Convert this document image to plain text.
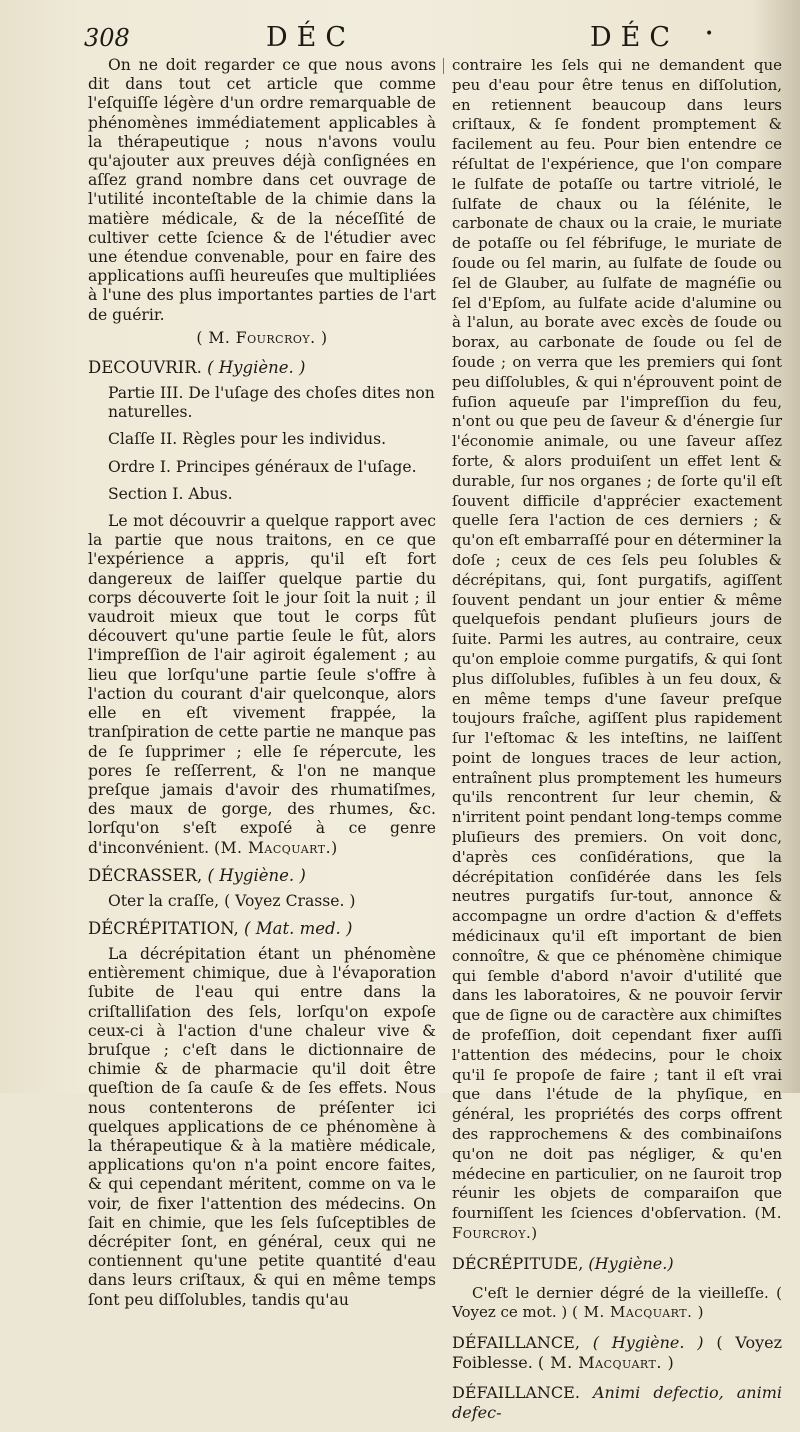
308	DÉC	DÉC •

On ne doit regarder ce que nous avons dit dans tout cet article que comme l'eſquiſſe légère d'un ordre remarquable de phénomènes immédiatement applicables à la thérapeutique ; nous n'avons voulu qu'ajouter aux preuves déjà conſignées en aſſez grand nombre dans cet ouvrage de l'utilité inconteſtable de la chimie dans la matière médicale, & de la néceſſité de cultiver cette ſcience & de l'étudier avec une étendue convenable, pour en faire des applications auſſi heureuſes que multipliées à l'une des plus importantes parties de l'art de guérir.

( M. Fourcroy. )

DECOUVRIR. ( Hygiène. )

Partie III. De l'uſage des choſes dites non naturelles.

Claſſe II. Règles pour les individus.

Ordre I. Principes généraux de l'uſage.

Section I. Abus.

Le mot découvrir a quelque rapport avec la partie que nous traitons, en ce que l'expérience a appris, qu'il eſt fort dangereux de laiſſer quelque partie du corps découverte ſoit le jour ſoit la nuit ; il vaudroit mieux que tout le corps fût découvert qu'une partie ſeule le fût, alors l'impreſſion de l'air agiroit également ; au lieu que lorſqu'une partie ſeule s'offre à l'action du courant d'air quelconque, alors elle en eſt vivement frappée, la tranſpiration de cette partie ne manque pas de ſe ſupprimer ; elle ſe répercute, les pores ſe reſſerrent, & l'on ne manque preſque jamais d'avoir des rhumatiſmes, des maux de gorge, des rhumes, &c. lorſqu'on s'eſt expoſé à ce genre d'inconvénient. (M. Macquart.)

DÉCRASSER, ( Hygiène. )

Oter la craſſe, ( Voyez Crasse. )

DÉCRÉPITATION, ( Mat. med. )

La décrépitation étant un phénomène entièrement chimique, due à l'évaporation ſubite de l'eau qui entre dans la criſtalliſation des ſels, lorſqu'on expoſe ceux-ci à l'action d'une chaleur vive & bruſque ; c'eſt dans le dictionnaire de chimie & de pharmacie qu'il doit être queſtion de ſa cauſe & de ſes effets. Nous nous contenterons de préſenter ici quelques applications de ce phénomène à la thérapeutique & à la matière médicale, applications qu'on n'a point encore faites, & qui cependant méritent, comme on va le voir, de fixer l'attention des médecins. On ſait en chimie, que les ſels ſuſceptibles de décrépiter ſont, en général, ceux qui ne contiennent qu'une petite quantité d'eau dans leurs criſtaux, & qui en même temps ſont peu diſſolubles, tandis qu'au

contraire les ſels qui ne demandent que peu d'eau pour être tenus en diſſolution, en retiennent beaucoup dans leurs criſtaux, & ſe fondent promptement & facilement au feu. Pour bien entendre ce réſultat de l'expérience, que l'on compare le ſulfate de potaſſe ou tartre vitriolé, le ſulfate de chaux ou la ſélénite, le carbonate de chaux ou la craie, le muriate de potaſſe ou ſel fébrifuge, le muriate de ſoude ou ſel marin, au ſulfate de ſoude ou ſel de Glauber, au ſulfate de magnéſie ou ſel d'Epſom, au ſulfate acide d'alumine ou à l'alun, au borate avec excès de ſoude ou borax, au carbonate de ſoude ou ſel de ſoude ; on verra que les premiers qui ſont peu diſſolubles, & qui n'éprouvent point de fuſion aqueuſe par l'impreſſion du feu, n'ont ou que peu de ſaveur & d'énergie ſur l'économie animale, ou une ſaveur aſſez forte, & alors produiſent un effet lent & durable, ſur nos organes ; de ſorte qu'il eſt ſouvent difficile d'apprécier exactement quelle ſera l'action de ces derniers ; & qu'on eſt embarraſſé pour en déterminer la doſe ; ceux de ces ſels peu ſolubles & décrépitans, qui, ſont purgatifs, agiſſent ſouvent pendant un jour entier & même quelquefois pendant pluſieurs jours de ſuite. Parmi les autres, au contraire, ceux qu'on emploie comme purgatifs, & qui ſont plus diſſolubles, fuſibles à un feu doux, & en même temps d'une ſaveur preſque toujours fraîche, agiſſent plus rapidement ſur l'eſtomac & les inteſtins, ne laiſſent point de longues traces de leur action, entraînent plus promptement les humeurs qu'ils rencontrent ſur leur chemin, & n'irritent point pendant long-temps comme pluſieurs des premiers. On voit donc, d'après ces conſidérations, que la décrépitation conſidérée dans les ſels neutres purgatifs ſur-tout, annonce & accompagne un ordre d'action & d'effets médicinaux qu'il eſt important de bien connoître, & que ce phénomène chimique qui ſemble d'abord n'avoir d'utilité que dans les laboratoires, & ne pouvoir ſervir que de ſigne ou de caractère aux chimiſtes de profeſſion, doit cependant fixer auſſi l'attention des médecins, pour le choix qu'il ſe propoſe de faire ; tant il eſt vrai que dans l'étude de la phyſique, en général, les propriétés des corps offrent des rapprochemens & des combinaiſons qu'on ne doit pas négliger, & qu'en médecine en particulier, on ne ſauroit trop réunir les objets de comparaiſon que fourniſſent les ſciences d'obſervation. (M. Fourcroy.)

DÉCRÉPITUDE, (Hygiène.)

C'eſt le dernier dégré de la vieilleſſe. ( Voyez ce mot. ) ( M. Macquart. )

DÉFAILLANCE, ( Hygiène. ) ( Voyez Foiblesse. ( M. Macquart. )

DÉFAILLANCE. Animi defectio, animi defec-
